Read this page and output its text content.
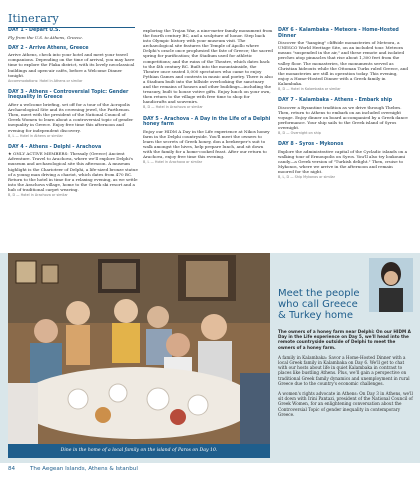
Itinerary
DAY 1 - Depart U.S.

Fly from the U.S. to Athens, Greece.

DAY 2 - Arrive Athens, Greece

Arrive Athens, check into your hotel and meet your travel companions. Depending on the time of arrival, you may have time to explore the Plaka district, with its lovely neoclassical buildings and open-air cafés, before a Welcome Dinner tonight.

Accommodations: Hotel in Athens or similar
DAY 3 - Athens - Controversial Topic: Gender Inequality in Greece

After a welcome briefing, set off for a tour of the Acropolis Archaeological Site and its crowning jewel, the Parthenon. Then, meet with the president of the National Council of Greek Women to learn about a controversial topic of gender inequality in Greece. Enjoy free time this afternoon and evening for independent discovery.

B, L — Hotel in Athens or similar
DAY 4 - Athens - Delphi - Arachova

★ ONLY ACTIVE MEMBERS: Thessaly (Greece) Ancient Adventure. Travel to Arachova, where we'll explore Delphi's museum and archaeological site this afternoon. A museum highlight is the Charioteer of Delphi, a life-sized bronze statue of a young man driving a chariot, which dates from 470 BC. Return to the hotel in time for a relaxing evening, as we settle into the Arachova village, home to the Greek ski resort and a hub of traditional carpet weaving.

B, D — Hotel in Arachova or similar

exploring the Trojan War, a nine-meter family monument from the fourth century BC, and a sculpture of honor. Step back into Olympic history with your museum visit. The archaeological site features the Temple of Apollo where Delphi's oracle once prophesied the fate of Greece; the sacred spring for purification; the Stadium used for athletic competitions; and the ruins of the Theatre, which dates back to the 4th century BC. Built into the mountainside, the Theatre once seated 5,000 spectators who came to enjoy Pythian Games and contests in music and poetry. There is also a Stadium built into the hillside overlooking the sanctuary and the remains of houses and other buildings—including the treasury, built to house votive gifts. Enjoy lunch on your own, then return to the village with free time to shop for handicrafts and souvenirs.

B, D — Hotel in Arachova or similar
DAY 5 - Arachova - A Day in the Life of a Delphi honey farm

Enjoy our HIDM A Day in the Life experience at Nikos honey farm in the Delphi countryside. You'll meet the owners to learn the secrets of Greek honey, don a beekeeper's suit to walk amongst the hives, help prepare lunch, and sit down with the family for a home-cooked feast. After our return to Arachova, enjoy free time this evening.

B, L — Hotel in Arachova or similar
DAY 6 - Kalambaka - Meteora - Home-Hosted Dinner

Discover the "hanging" cliffside monasteries of Meteora, a UNESCO World Heritage Site, on an included tour. Meteora means "suspended in the air," and these remote and isolated perches atop pinnacles that rise about 1,300 feet from the valley floor. The monasteries, the monuments served as Christian hideouts while the Ottoman Turks ruled Greece, and the monasteries are still in operation today. This evening, enjoy a Home-Hosted Dinner with a Greek family in Kalambaka.

B, D — Hotel in Kalambaka or similar
DAY 7 - Kalambaka - Athens - Embark ship

Discover a Byzantine tradition as we drive through Thebes. Then, return to Athens to embark on an included overnight voyage. Enjoy dinner on board accompanied by a Greek dance performance. Your ship sails to the Greek island of Syros overnight.

B, D — Overnight on ship
DAY 8 - Syros - Mykonos

Explore the administrative capital of the Cycladic islands on a walking tour of Ermoupolis on Syros. You'll also try loukoumi candy—a Greek version of "Turkish delight." Then, cruise to Mykonos, where we arrive in the afternoon and remain moored for the night.

B, L, D — Ship Mykonos or similar
Dine in the home of a local family on the island of Paros on Day 10.
Meet the people who call Greece & Turkey home

The owners of a honey farm near Delphi: On our HIDM A Day in the Life experience on Day 5, we'll head into the remote countryside outside of Delphi to meet the owners of a honey farm.

A family in Kalambaka: Savor a Home-Hosted Dinner with a local Greek family in Kalambaka on Day 6. We'll get to chat with our hosts about life in quiet Kalambaka in contrast to places like bustling Athens. Plus, we'll gain a perspective on traditional Greek family dynamics and unemployment in rural Greece due to the country's economic challenges.

A women's rights advocate in Athens: On Day 3 in Athens, we'll sit down with Irini Pantazi, president of the National Council of Greek Women, for an enlightening conversation about the Controversial Topic of gender inequality in contemporary Greece.

84	The Aegean Islands, Athens & Istanbul
